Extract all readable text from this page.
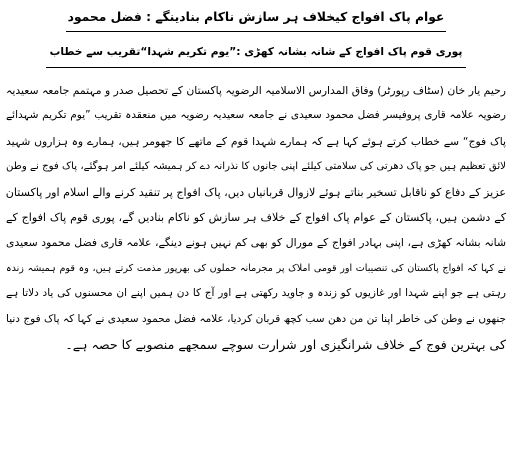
عوام پاک افواج کیخلاف ہر سازش ناکام بنادینگے : فضل محمود
پوری قوم پاک افواج کے شانہ بشانہ کھڑی :”یوم تکریم شہدا“تقریب سے خطاب
رحیم یار خان (سٹاف رپورٹر) وفاق المدارس الاسلامیہ الرضویہ پاکستان کے تحصیل صدر و مہتمم جامعہ سعیدیہ
رضویہ علامہ قاری پروفیسر فضل محمود سعیدی نے جامعہ سعیدیہ رضویہ میں منعقدہ تقریب ”یوم تکریم شہدائے
پاک فوج“ سے خطاب کرتے ہوئے کہا ہے کہ ہمارے شہدا قوم کے ماتھے کا جھومر ہیں، ہمارے وہ ہزاروں شہید
لائق تعظیم ہیں جو پاک دھرتی کی سلامتی کیلئے اپنی جانوں کا نذرانہ دے کر ہمیشہ کیلئے امر ہوگئے، پاک فوج نے وطن
عزیز کے دفاع کو ناقابل تسخیر بناتے ہوئے لازوال قربانیاں دیں، پاک افواج پر تنقید کرنے والے اسلام اور پاکستان
کے دشمن ہیں، پاکستان کے عوام پاک افواج کے خلاف ہر سازش کو ناکام بنادیں گے، پوری قوم پاک افواج کے
شانہ بشانہ کھڑی ہے، اپنی بہادر افواج کے مورال کو بھی کم نہیں ہونے دینگے، علامہ قاری فضل محمود سعیدی
نے کہا کہ افواج پاکستان کی تنصیبات اور قومی املاک پر مجرمانہ حملوں کی بھرپور مذمت کرتے ہیں، وہ قوم ہمیشہ زندہ
رہتی ہے جو اپنے شہدا اور غازیوں کو زندہ و جاوید رکھتی ہے اور آج کا دن ہمیں اپنے ان محسنوں کی یاد دلاتا ہے
جنھوں نے وطن کی خاطر اپنا تن من دھن سب کچھ قربان کردیا، علامہ فضل محمود سعیدی نے کہا کہ پاک فوج دنیا
کی بہترین فوج کے خلاف شرانگیزی اور شرارت سوچے سمجھے منصوبے کا حصہ ہے۔
